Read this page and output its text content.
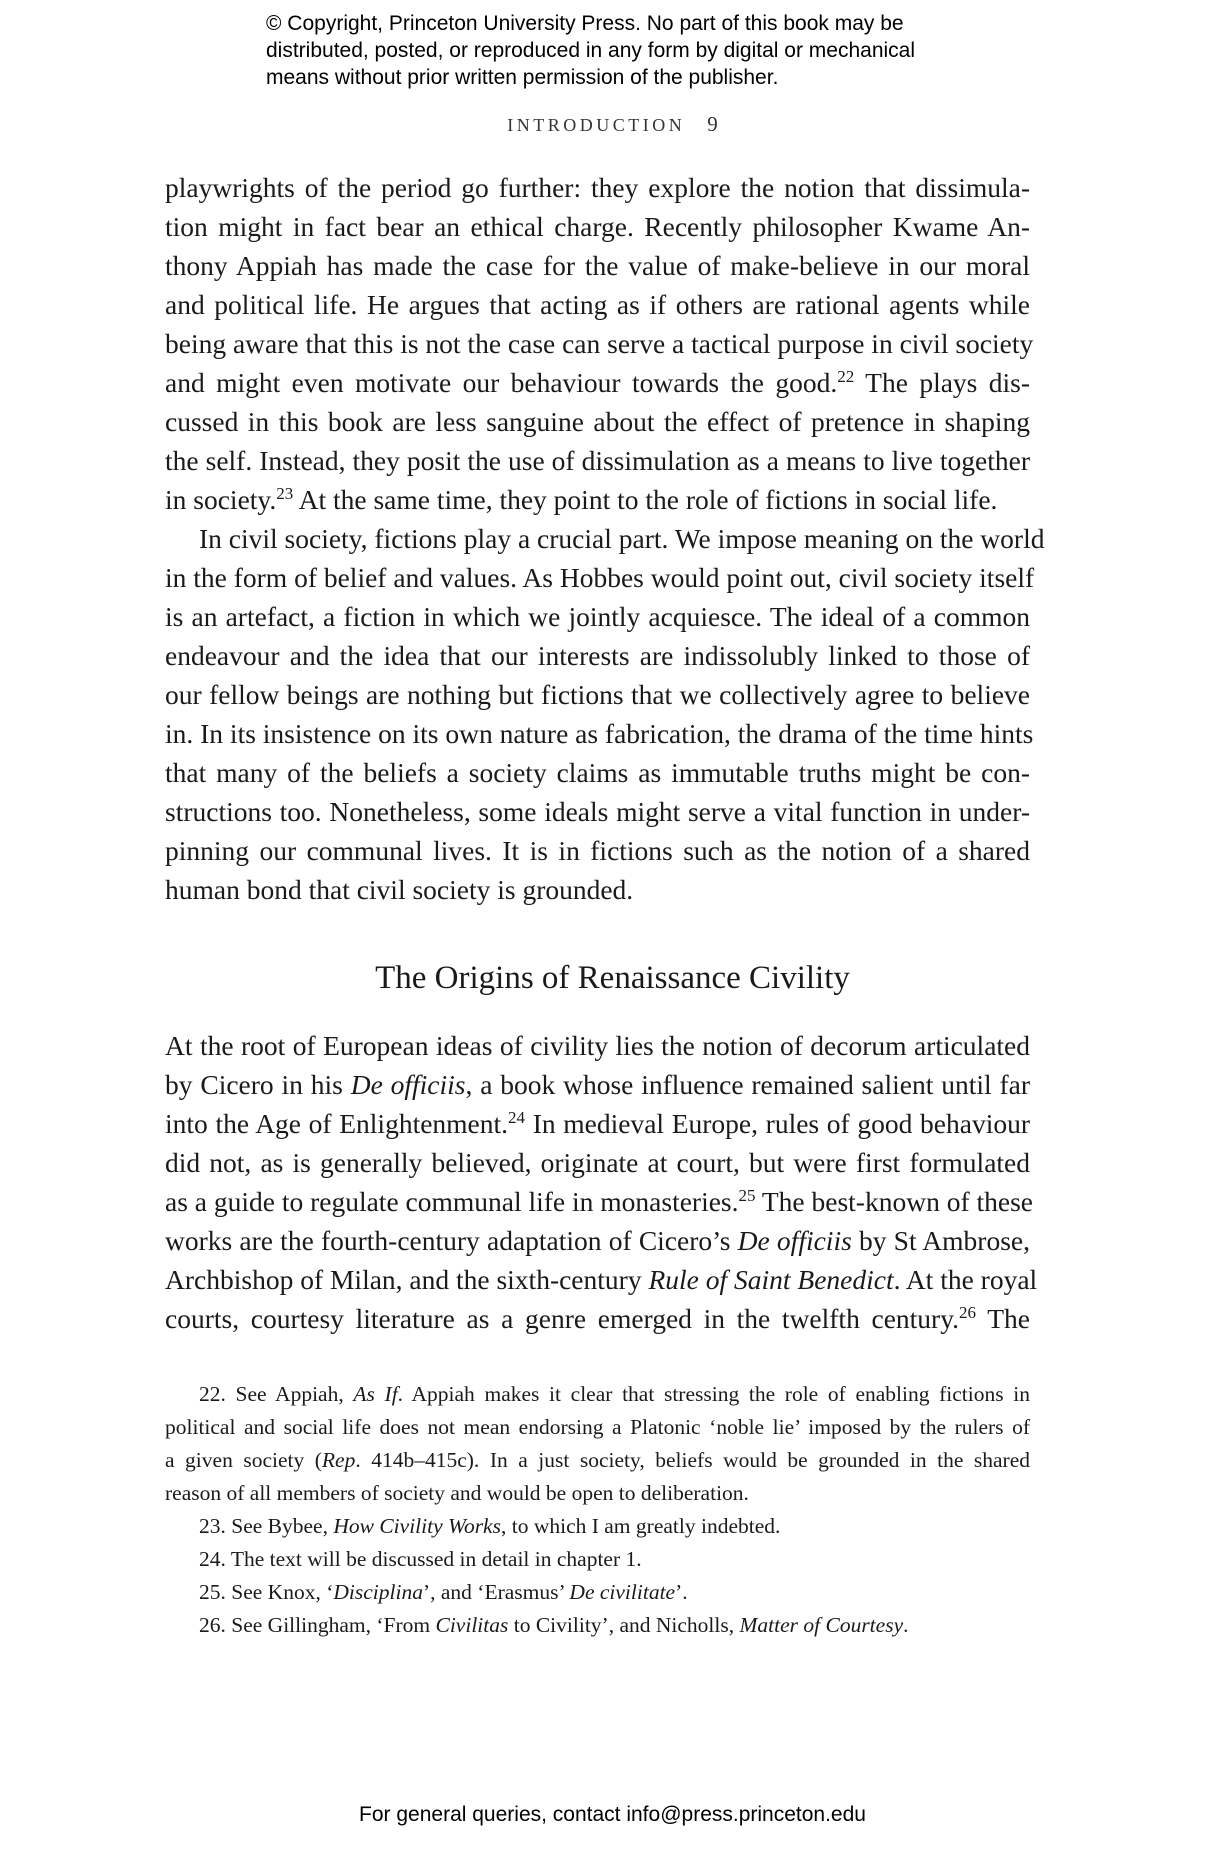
© Copyright, Princeton University Press. No part of this book may be
distributed, posted, or reproduced in any form by digital or mechanical
means without prior written permission of the publisher.
INTRODUCTION 9
playwrights of the period go further: they explore the notion that dissimula-
tion might in fact bear an ethical charge. Recently philosopher Kwame An-
thony Appiah has made the case for the value of make-believe in our moral
and political life. He argues that acting as if others are rational agents while
being aware that this is not the case can serve a tactical purpose in civil society
and might even motivate our behaviour towards the good.$^{22}$ The plays dis-
cussed in this book are less sanguine about the effect of pretence in shaping
the self. Instead, they posit the use of dissimulation as a means to live together
in society.$^{23}$ At the same time, they point to the role of fictions in social life.
In civil society, fictions play a crucial part. We impose meaning on the world
in the form of belief and values. As Hobbes would point out, civil society itself
is an artefact, a fiction in which we jointly acquiesce. The ideal of a common
endeavour and the idea that our interests are indissolubly linked to those of
our fellow beings are nothing but fictions that we collectively agree to believe
in. In its insistence on its own nature as fabrication, the drama of the time hints
that many of the beliefs a society claims as immutable truths might be con-
structions too. Nonetheless, some ideals might serve a vital function in under-
pinning our communal lives. It is in fictions such as the notion of a shared
human bond that civil society is grounded.
The Origins of Renaissance Civility
At the root of European ideas of civility lies the notion of decorum articulated
by Cicero in his De officiis, a book whose influence remained salient until far
into the Age of Enlightenment.$^{24}$ In medieval Europe, rules of good behaviour
did not, as is generally believed, originate at court, but were first formulated
as a guide to regulate communal life in monasteries.$^{25}$ The best-known of these
works are the fourth-century adaptation of Cicero’s De officiis by St Ambrose,
Archbishop of Milan, and the sixth-century Rule of Saint Benedict. At the royal
courts, courtesy literature as a genre emerged in the twelfth century.$^{26}$ The
22. See Appiah, As If. Appiah makes it clear that stressing the role of enabling fictions in
political and social life does not mean endorsing a Platonic ‘noble lie’ imposed by the rulers of
a given society (Rep. 414b–415c). In a just society, beliefs would be grounded in the shared
reason of all members of society and would be open to deliberation.
23. See Bybee, How Civility Works, to which I am greatly indebted.
24. The text will be discussed in detail in chapter 1.
25. See Knox, ‘Disciplina’, and ‘Erasmus’ De civilitate’.
26. See Gillingham, ‘From Civilitas to Civility’, and Nicholls, Matter of Courtesy.
For general queries, contact info@press.princeton.edu
